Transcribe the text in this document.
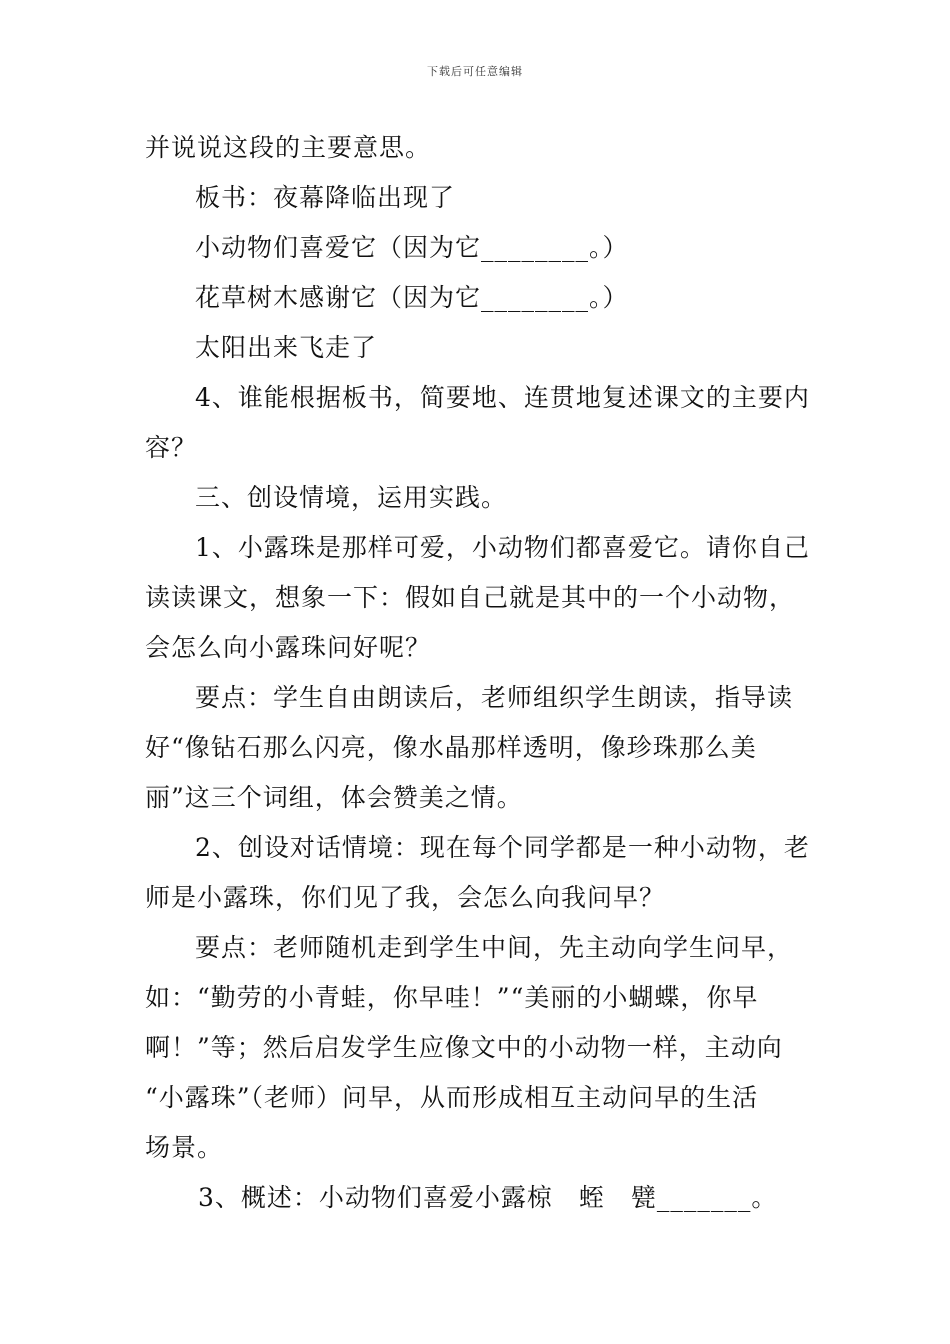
下载后可任意编辑
并说说这段的主要意思。
板书：夜幕降临出现了
小动物们喜爱它（因为它________。）
花草树木感谢它（因为它________。）
太阳出来飞走了
4、谁能根据板书，简要地、连贯地复述课文的主要内
容？
三、创设情境，运用实践。
1、小露珠是那样可爱，小动物们都喜爱它。请你自己
读读课文，想象一下：假如自己就是其中的一个小动物，
会怎么向小露珠问好呢？
要点：学生自由朗读后，老师组织学生朗读，指导读
好“像钻石那么闪亮，像水晶那样透明，像珍珠那么美
丽”这三个词组，体会赞美之情。
2、创设对话情境：现在每个同学都是一种小动物，老
师是小露珠，你们见了我，会怎么向我问早？
要点：老师随机走到学生中间，先主动向学生问早，
如：“勤劳的小青蛙，你早哇！”“美丽的小蝴蝶，你早
啊！”等；然后启发学生应像文中的小动物一样，主动向
“小露珠”（老师）问早，从而形成相互主动问早的生活
场景。
3、概述：小动物们喜爱小露椋　蛭　甓_______。
